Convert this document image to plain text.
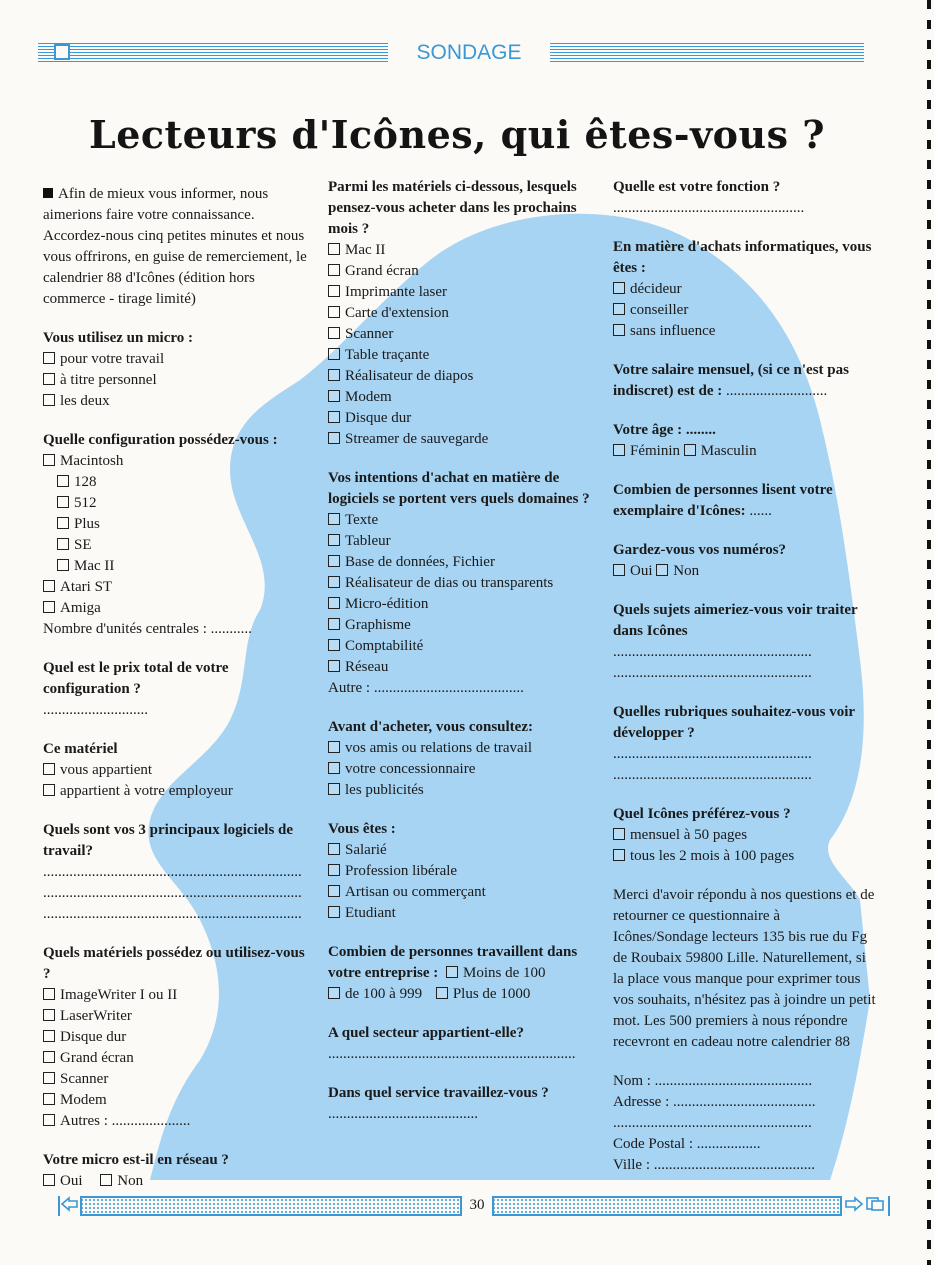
SONDAGE
Lecteurs d'Icônes, qui êtes-vous ?
Afin de mieux vous informer, nous aimerions faire votre connaissance. Accordez-nous cinq petites minutes et nous vous offrirons, en guise de remerciement, le calendrier 88 d'Icônes (édition hors commerce - tirage limité)
Vous utilisez un micro :
pour votre travail
à titre personnel
les deux
Quelle configuration possédez-vous :
Macintosh
128
512
Plus
SE
Mac II
Atari ST
Amiga
Nombre d'unités centrales : ...........
Quel est le prix total de votre configuration ?
............................
Ce matériel
vous appartient
appartient à votre employeur
Quels sont vos 3 principaux logiciels de travail?
.....................................................................
.....................................................................
.....................................................................
Quels matériels possédez ou utilisez-vous ?
ImageWriter I ou II
LaserWriter
Disque dur
Grand écran
Scanner
Modem
Autres : .....................
Votre micro est-il en réseau ?
Oui Non
Parmi les matériels ci-dessous, lesquels pensez-vous acheter dans les prochains mois ?
Mac II
Grand écran
Imprimante laser
Carte d'extension
Scanner
Table traçante
Réalisateur de diapos
Modem
Disque dur
Streamer de sauvegarde
Vos intentions d'achat en matière de logiciels se portent vers quels domaines ?
Texte
Tableur
Base de données, Fichier
Réalisateur de dias ou transparents
Micro-édition
Graphisme
Comptabilité
Réseau
Autre : ........................................
Avant d'acheter, vous consultez:
vos amis ou relations de travail
votre concessionnaire
les publicités
Vous êtes :
Salarié
Profession libérale
Artisan ou commerçant
Etudiant
Combien de personnes travaillent dans votre entreprise : Moins de 100
de 100 à 999 Plus de 1000
A quel secteur appartient-elle?
..................................................................
Dans quel service travaillez-vous ? ........................................
Quelle est votre fonction ?
...................................................
En matière d'achats informatiques, vous êtes :
décideur
conseiller
sans influence
Votre salaire mensuel, (si ce n'est pas indiscret) est de : ...........................
Votre âge : ........
Féminin Masculin
Combien de personnes lisent votre exemplaire d'Icônes: ......
Gardez-vous vos numéros?
Oui Non
Quels sujets aimeriez-vous voir traiter dans Icônes
.....................................................
.....................................................
Quelles rubriques souhaitez-vous voir développer ?
.....................................................
.....................................................
Quel Icônes préférez-vous ?
mensuel à 50 pages
tous les 2 mois à 100 pages
Merci d'avoir répondu à nos questions et de retourner ce questionnaire à Icônes/Sondage lecteurs 135 bis rue du Fg de Roubaix 59800 Lille. Naturellement, si la place vous manque pour exprimer tous vos souhaits, n'hésitez pas à joindre un petit mot. Les 500 premiers à nous répondre recevront en cadeau notre calendrier 88
Nom : ..........................................
Adresse : ......................................
.....................................................
Code Postal : .................
Ville : ...........................................
30
